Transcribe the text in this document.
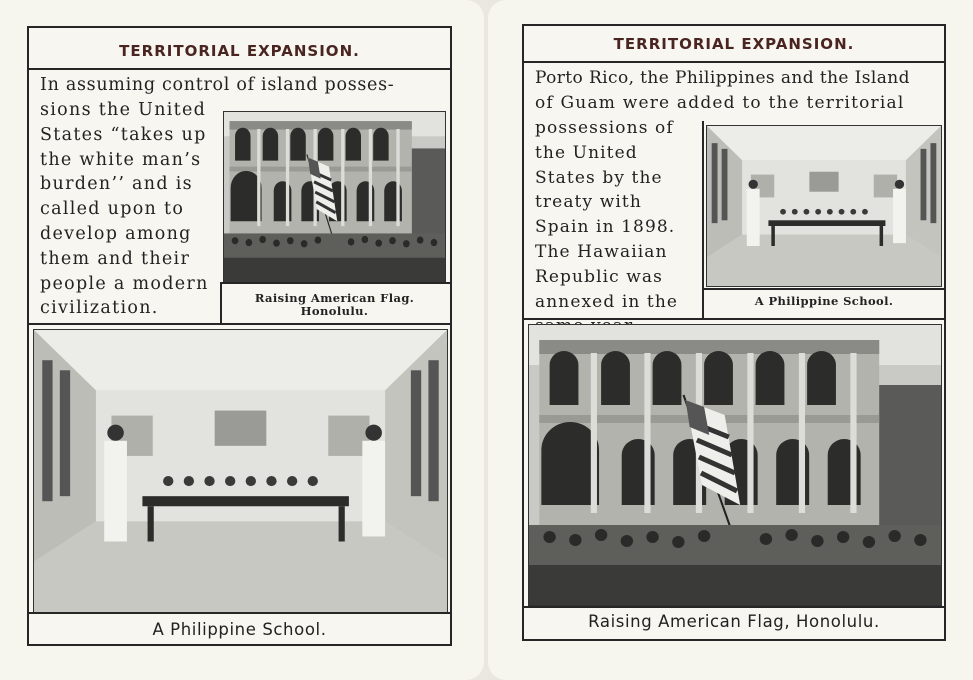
TERRITORIAL EXPANSION.
In assuming control of island posses-
sions the United States “takes up the white man’s burden’’ and is called upon to develop among them and their people a modern civilization.
Raising American Flag.
Honolulu.
A Philippine School.
TERRITORIAL EXPANSION.
Porto Rico, the Philippines and the Island
of Guam were added to the territorial
possessions of the United States by the treaty with Spain in 1898. The Hawaiian Republic was annexed in the	A Philippine School.
Raising American Flag, Honolulu.
